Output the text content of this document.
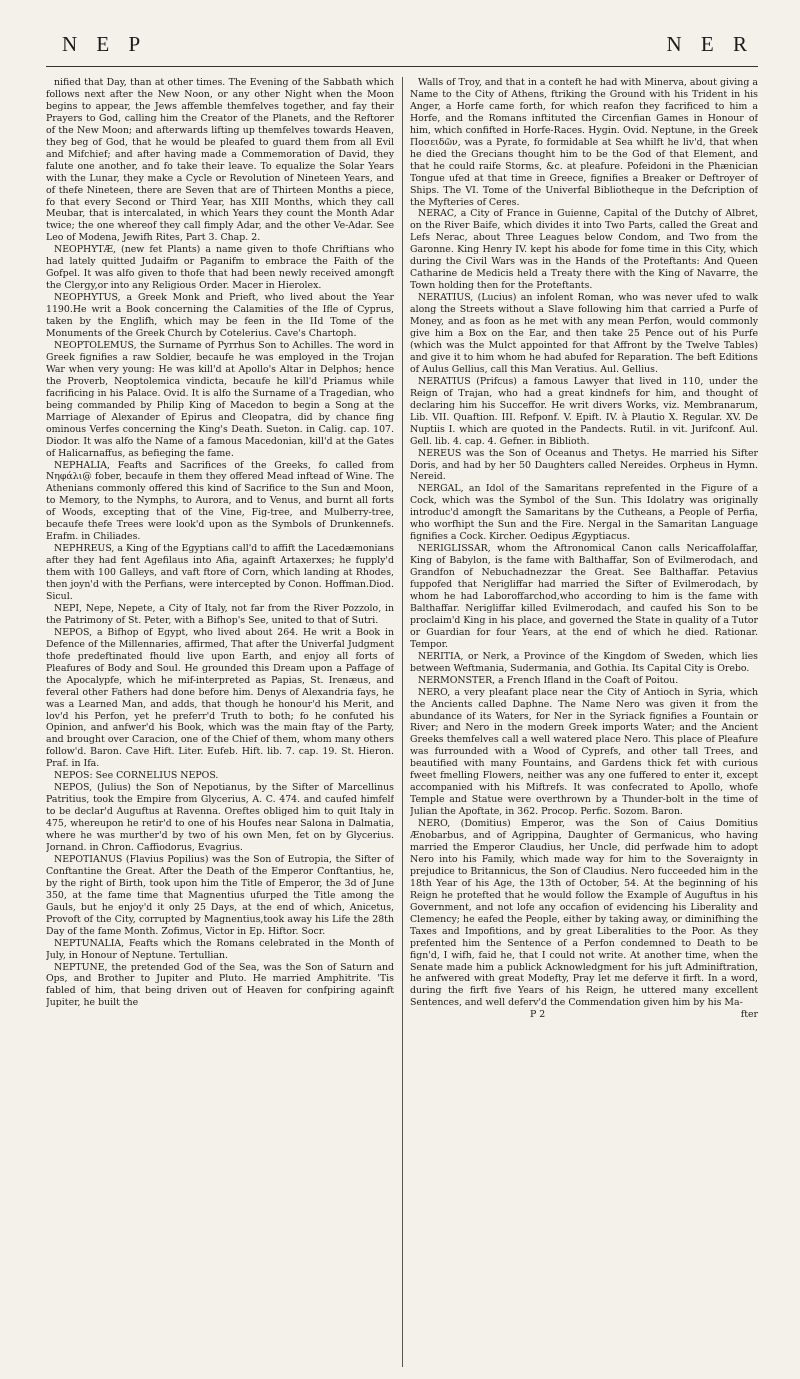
N E P	N E R

nified that Day, than at other times. The Evening of the Sabbath which follows next after the New Noon, or any other Night when the Moon begins to appear, the Jews affemble themfelves together, and fay their Prayers to God, calling him the Creator of the Planets, and the Reftorer of the New Moon; and afterwards lifting up themfelves towards Heaven, they beg of God, that he would be pleafed to guard them from all Evil and Mifchief; and after having made a Commemoration of David, they falute one another, and fo take their leave. To equalize the Solar Years with the Lunar, they make a Cycle or Revolution of Nineteen Years, and of thefe Nineteen, there are Seven that are of Thirteen Months a piece, fo that every Second or Third Year, has XIII Months, which they call Meubar, that is intercalated, in which Years they count the Month Adar twice; the one whereof they call fimply Adar, and the other Ve-Adar. See Leo of Modena, Jewifh Rites, Part 3. Chap. 2.

NEOPHYTÆ, (new fet Plants) a name given to thofe Chriftians who had lately quitted Judaifm or Paganifm to embrace the Faith of the Gofpel. It was alfo given to thofe that had been newly received amongft the Clergy,or into any Religious Order. Macer in Hierolex.

NEOPHYTUS, a Greek Monk and Prieft, who lived about the Year 1190.He writ a Book concerning the Calamities of the Ifle of Cyprus, taken by the Englifh, which may be feen in the IId Tome of the Monuments of the Greek Church by Cotelerius. Cave's Chartoph.

NEOPTOLEMUS, the Surname of Pyrrhus Son to Achilles. The word in Greek fignifies a raw Soldier, becaufe he was employed in the Trojan War when very young: He was kill'd at Apollo's Altar in Delphos; hence the Proverb, Neoptolemica vindicta, becaufe he kill'd Priamus while facrificing in his Palace. Ovid. It is alfo the Surname of a Tragedian, who being commanded by Philip King of Macedon to begin a Song at the Marriage of Alexander of Epirus and Cleopatra, did by chance fing ominous Verfes concerning the King's Death. Sueton. in Calig. cap. 107. Diodor. It was alfo the Name of a famous Macedonian, kill'd at the Gates of Halicarnaffus, as befieging the fame.

NEPHALIA, Feafts and Sacrifices of the Greeks, fo called from Νηφάλι@ fober, becaufe in them they offered Mead inftead of Wine. The Athenians commonly offered this kind of Sacrifice to the Sun and Moon, to Memory, to the Nymphs, to Aurora, and to Venus, and burnt all forts of Woods, excepting that of the Vine, Fig-tree, and Mulberry-tree, becaufe thefe Trees were look'd upon as the Symbols of Drunkennefs. Erafm. in Chiliades.

NEPHREUS, a King of the Egyptians call'd to affift the Lacedæmonians after they had fent Agefilaus into Afia, againft Artaxerxes; he fupply'd them with 100 Galleys, and vaft ftore of Corn, which landing at Rhodes, then joyn'd with the Perfians, were intercepted by Conon. Hoffman.Diod. Sicul.

NEPI, Nepe, Nepete, a City of Italy, not far from the River Pozzolo, in the Patrimony of St. Peter, with a Bifhop's See, united to that of Sutri.

NEPOS, a Bifhop of Egypt, who lived about 264. He writ a Book in Defence of the Millennaries, affirmed, That after the Univerfal Judgment thofe predeftinated fhould live upon Earth, and enjoy all forts of Pleafures of Body and Soul. He grounded this Dream upon a Paffage of the Apocalypfe, which he mif-interpreted as Papias, St. Irenæus, and feveral other Fathers had done before him. Denys of Alexandria fays, he was a Learned Man, and adds, that though he honour'd his Merit, and lov'd his Perfon, yet he preferr'd Truth to both; fo he confuted his Opinion, and anfwer'd his Book, which was the main ftay of the Party, and brought over Caracion, one of the Chief of them, whom many others follow'd. Baron. Cave Hift. Liter. Eufeb. Hift. lib. 7. cap. 19. St. Hieron. Praf. in Ifa.

NEPOS: See CORNELIUS NEPOS.

NEPOS, (Julius) the Son of Nepotianus, by the Sifter of Marcellinus Patritius, took the Empire from Glycerius, A. C. 474. and caufed himfelf to be declar'd Auguftus at Ravenna. Oreftes obliged him to quit Italy in 475, whereupon he retir'd to one of his Houfes near Salona in Dalmatia, where he was murther'd by two of his own Men, fet on by Glycerius. Jornand. in Chron. Caffiodorus, Evagrius.

NEPOTIANUS (Flavius Popilius) was the Son of Eutropia, the Sifter of Conftantine the Great. After the Death of the Emperor Conftantius, he, by the right of Birth, took upon him the Title of Emperor, the 3d of June 350, at the fame time that Magnentius ufurped the Title among the Gauls, but he enjoy'd it only 25 Days, at the end of which, Anicetus, Provoft of the City, corrupted by Magnentius,took away his Life the 28th Day of the fame Month. Zofimus, Victor in Ep. Hiftor. Socr.

NEPTUNALIA, Feafts which the Romans celebrated in the Month of July, in Honour of Neptune. Tertullian.

NEPTUNE, the pretended God of the Sea, was the Son of Saturn and Ops, and Brother to Jupiter and Pluto. He married Amphitrite. 'Tis fabled of him, that being driven out of Heaven for confpiring againft Jupiter, he built the

Walls of Troy, and that in a conteft he had with Minerva, about giving a Name to the City of Athens, ftriking the Ground with his Trident in his Anger, a Horfe came forth, for which reafon they facrificed to him a Horfe, and the Romans inftituted the Circenfian Games in Honour of him, which confifted in Horfe-Races. Hygin. Ovid. Neptune, in the Greek Ποσειδῶν, was a Pyrate, fo formidable at Sea whilft he liv'd, that when he died the Grecians thought him to be the God of that Element, and that he could raife Storms, &c. at pleafure. Pofeidoni in the Phænician Tongue ufed at that time in Greece, fignifies a Breaker or Deftroyer of Ships. The VI. Tome of the Univerfal Bibliotheque in the Defcription of the Myfteries of Ceres.

NERAC, a City of France in Guienne, Capital of the Dutchy of Albret, on the River Baife, which divides it into Two Parts, called the Great and Lefs Nerac, about Three Leagues below Condom, and Two from the Garonne. King Henry IV. kept his abode for fome time in this City, which during the Civil Wars was in the Hands of the Proteftants: And Queen Catharine de Medicis held a Treaty there with the King of Navarre, the Town holding then for the Proteftants.

NERATIUS, (Lucius) an infolent Roman, who was never ufed to walk along the Streets without a Slave following him that carried a Purfe of Money, and as foon as he met with any mean Perfon, would commonly give him a Box on the Ear, and then take 25 Pence out of his Purfe (which was the Mulct appointed for that Affront by the Twelve Tables) and give it to him whom he had abufed for Reparation. The beft Editions of Aulus Gellius, call this Man Veratius. Aul. Gellius.

NERATIUS (Prifcus) a famous Lawyer that lived in 110, under the Reign of Trajan, who had a great kindnefs for him, and thought of declaring him his Succeffor. He writ divers Works, viz. Membranarum, Lib. VII. Quaftion. III. Refponf. V. Epift. IV. à Plautio X. Regular. XV. De Nuptiis I. which are quoted in the Pandects. Rutil. in vit. Jurifconf. Aul. Gell. lib. 4. cap. 4. Gefner. in Biblioth.

NEREUS was the Son of Oceanus and Thetys. He married his Sifter Doris, and had by her 50 Daughters called Nereides. Orpheus in Hymn. Nereid.

NERGAL, an Idol of the Samaritans reprefented in the Figure of a Cock, which was the Symbol of the Sun. This Idolatry was originally introduc'd amongft the Samaritans by the Cutheans, a People of Perfia, who worfhipt the Sun and the Fire. Nergal in the Samaritan Language fignifies a Cock. Kircher. Oedipus Ægyptiacus.

NERIGLISSAR, whom the Aftronomical Canon calls Nericaffolaffar, King of Babylon, is the fame with Balthaffar, Son of Evilmerodach, and Grandfon of Nebuchadnezzar the Great. See Balthaffar. Petavius fuppofed that Nerigliffar had married the Sifter of Evilmerodach, by whom he had Laboroffarchod,who according to him is the fame with Balthaffar. Nerigliffar killed Evilmerodach, and caufed his Son to be proclaim'd King in his place, and governed the State in quality of a Tutor or Guardian for four Years, at the end of which he died. Rationar. Tempor.

NERITIA, or Nerk, a Province of the Kingdom of Sweden, which lies between Weftmania, Sudermania, and Gothia. Its Capital City is Orebo.

NERMONSTER, a French Ifland in the Coaft of Poitou.

NERO, a very pleafant place near the City of Antioch in Syria, which the Ancients called Daphne. The Name Nero was given it from the abundance of its Waters, for Ner in the Syriack fignifies a Fountain or River; and Nero in the modern Greek imports Water; and the Ancient Greeks themfelves call a well watered place Nero. This place of Pleafure was furrounded with a Wood of Cyprefs, and other tall Trees, and beautified with many Fountains, and Gardens thick fet with curious fweet fmelling Flowers, neither was any one fuffered to enter it, except accompanied with his Miftrefs. It was confecrated to Apollo, whofe Temple and Statue were overthrown by a Thunder-bolt in the time of Julian the Apoftate, in 362. Procop. Perfic. Sozom. Baron.

NERO, (Domitius) Emperor, was the Son of Caius Domitius Ænobarbus, and of Agrippina, Daughter of Germanicus, who having married the Emperor Claudius, her Uncle, did perfwade him to adopt Nero into his Family, which made way for him to the Soveraignty in prejudice to Britannicus, the Son of Claudius. Nero fucceeded him in the 18th Year of his Age, the 13th of October, 54. At the beginning of his Reign he protefted that he would follow the Example of Auguftus in his Government, and not lofe any occafion of evidencing his Liberality and Clemency; he eafed the People, either by taking away, or diminifhing the Taxes and Impofitions, and by great Liberalities to the Poor. As they prefented him the Sentence of a Perfon condemned to Death to be fign'd, I wifh, faid he, that I could not write. At another time, when the Senate made him a publick Acknowledgment for his juft Adminiftration, he anfwered with great Modefty, Pray let me deferve it firft. In a word, during the firft five Years of his Reign, he uttered many excellent Sentences, and well deferv'd the Commendation given him by his Ma-

P 2	fter
